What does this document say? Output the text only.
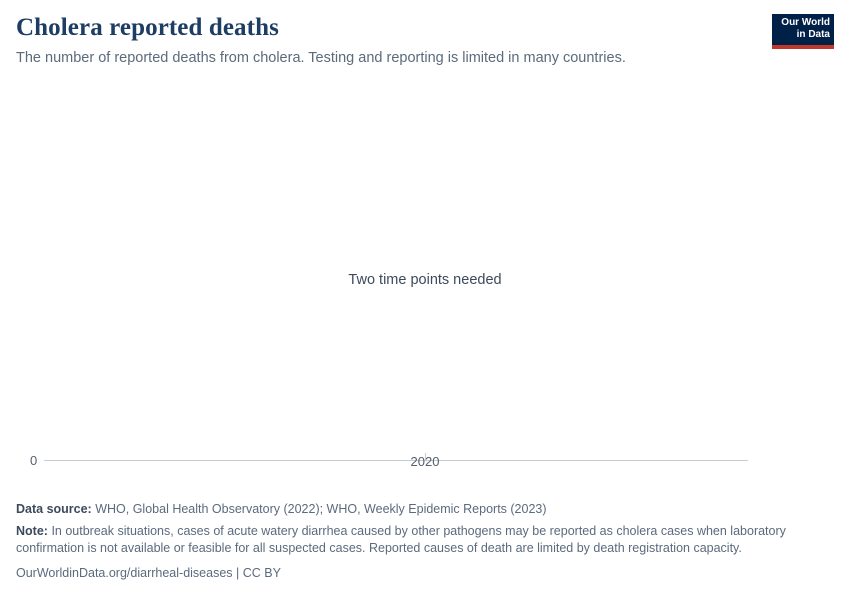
Cholera reported deaths

The number of reported deaths from cholera. Testing and reporting is limited in many countries.

Our World
in Data
Two time points needed
0	2020
Data source: WHO, Global Health Observatory (2022); WHO, Weekly Epidemic Reports (2023)
Note: In outbreak situations, cases of acute watery diarrhea caused by other pathogens may be reported as cholera cases when laboratory confirmation is not available or feasible for all suspected cases. Reported causes of death are limited by death registration capacity.
OurWorldinData.org/diarrheal-diseases | CC BY
